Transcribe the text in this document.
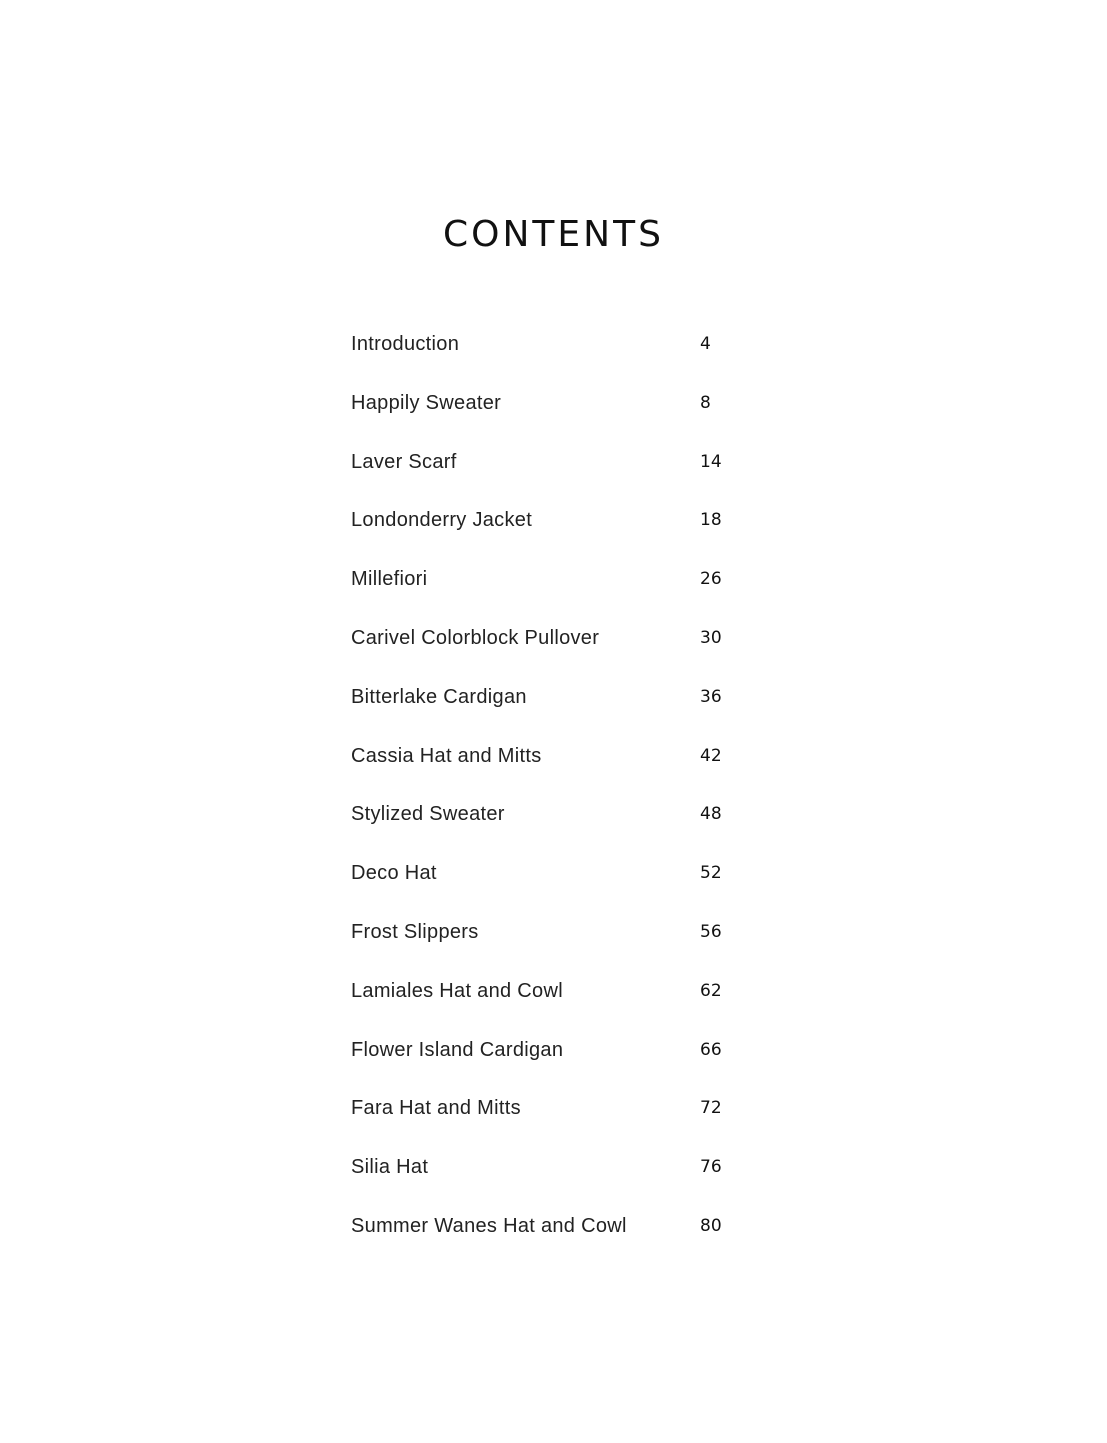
CONTENTS
Introduction	4
Happily Sweater	8
Laver Scarf	14
Londonderry Jacket	18
Millefiori	26
Carivel Colorblock Pullover	30
Bitterlake Cardigan	36
Cassia Hat and Mitts	42
Stylized Sweater	48
Deco Hat	52
Frost Slippers	56
Lamiales Hat and Cowl	62
Flower Island Cardigan	66
Fara Hat and Mitts	72
Silia Hat	76
Summer Wanes Hat and Cowl	80
